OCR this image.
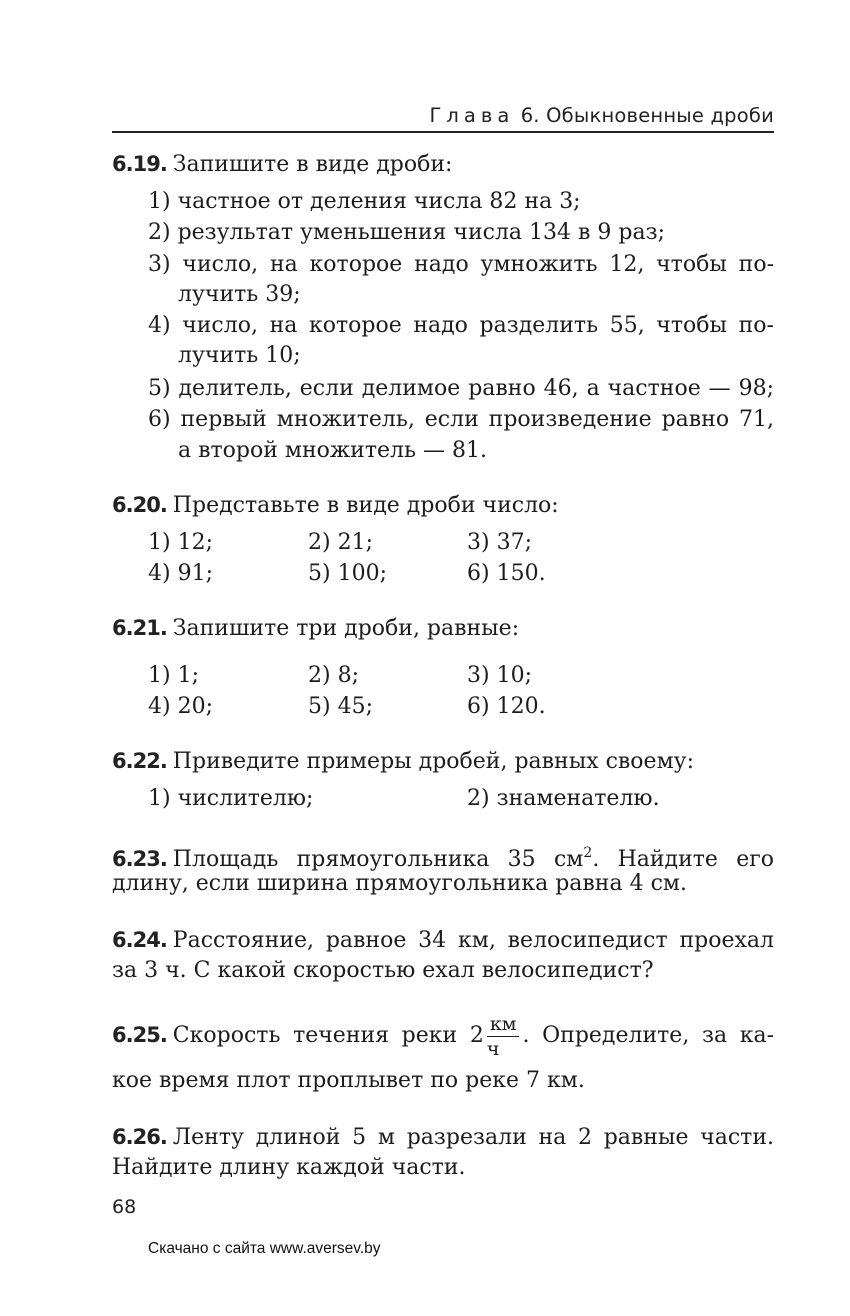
Глава 6. Обыкновенные дроби
6.19. Запишите в виде дроби:
1) частное от деления числа 82 на 3;
2) результат уменьшения числа 134 в 9 раз;
3) число, на которое надо умножить 12, чтобы по-
лучить 39;
4) число, на которое надо разделить 55, чтобы по-
лучить 10;
5) делитель, если делимое равно 46, а частное — 98;
6) первый множитель, если произведение равно 71,
а второй множитель — 81.
6.20. Представьте в виде дроби число:
1) 12;	2) 21;	3) 37;
4) 91;	5) 100;	6) 150.
6.21. Запишите три дроби, равные:
1) 1;	2) 8;	3) 10;
4) 20;	5) 45;	6) 120.
6.22. Приведите примеры дробей, равных своему:
1) числителю;	2) знаменателю.
6.23. Площадь прямоугольника 35 $см^2$. Найдите его
длину, если ширина прямоугольника равна 4 см.
6.24. Расстояние, равное 34 км, велосипедист проехал
за 3 ч. С какой скоростью ехал велосипедист?
6.25. Скорость течения реки $2 \frac{км}{ч}$ . Определите, за ка-
кое время плот проплывет по реке 7 км.
6.26. Ленту длиной 5 м разрезали на 2 равные части.
Найдите длину каждой части.
68
Скачано с сайта www.aversev.by
